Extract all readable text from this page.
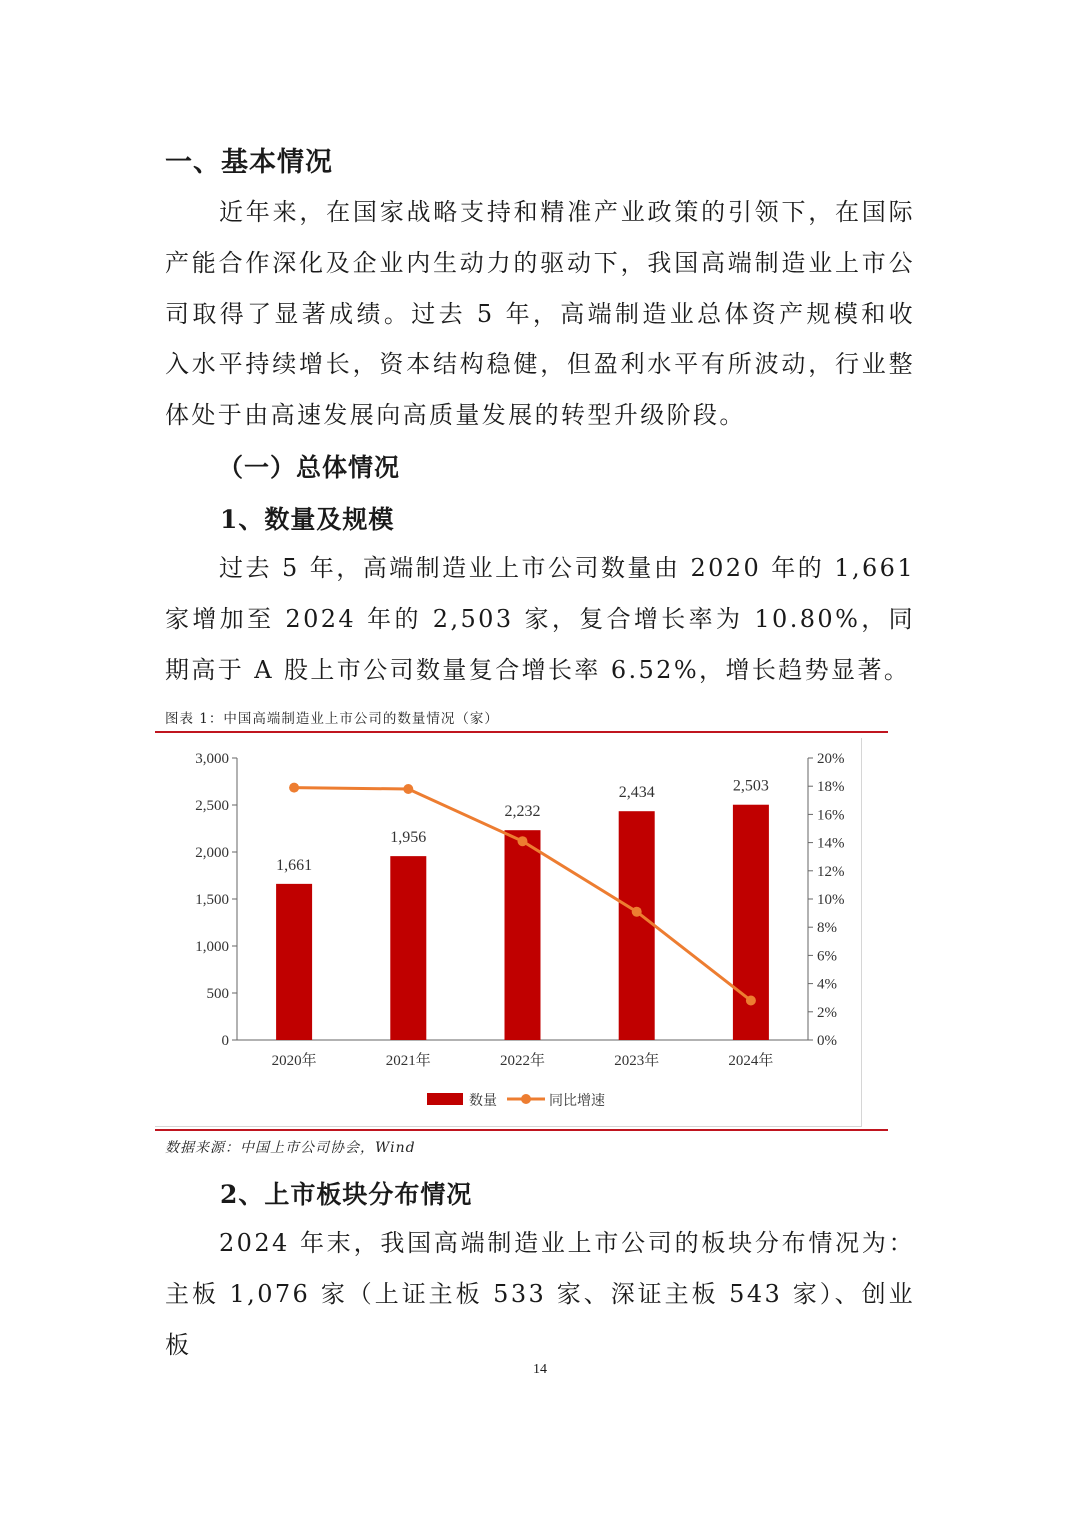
一、基本情况

近年来，在国家战略支持和精准产业政策的引领下，在国际产能合作深化及企业内生动力的驱动下，我国高端制造业上市公司取得了显著成绩。过去 5 年，高端制造业总体资产规模和收入水平持续增长，资本结构稳健，但盈利水平有所波动，行业整体处于由高速发展向高质量发展的转型升级阶段。

（一）总体情况
1、数量及规模

过去 5 年，高端制造业上市公司数量由 2020 年的 1,661 家增加至 2024 年的 2,503 家，复合增长率为 10.80%，同期高于 A 股上市公司数量复合增长率 6.52%，增长趋势显著。

图表 1：中国高端制造业上市公司的数量情况（家）
0
500
1,000
1,500
2,000
2,500
3,000
0%
2%
4%
6%
8%
10%
12%
14%
16%
18%
20%
2020年	2021年	2022年	2023年	2024年
1,661
1,956
2,232
2,434	2,503
数量	同比增速
数据来源：中国上市公司协会，Wind
2、上市板块分布情况

2024 年末，我国高端制造业上市公司的板块分布情况为：主板 1,076 家（上证主板 533 家、深证主板 543 家）、创业板

14
